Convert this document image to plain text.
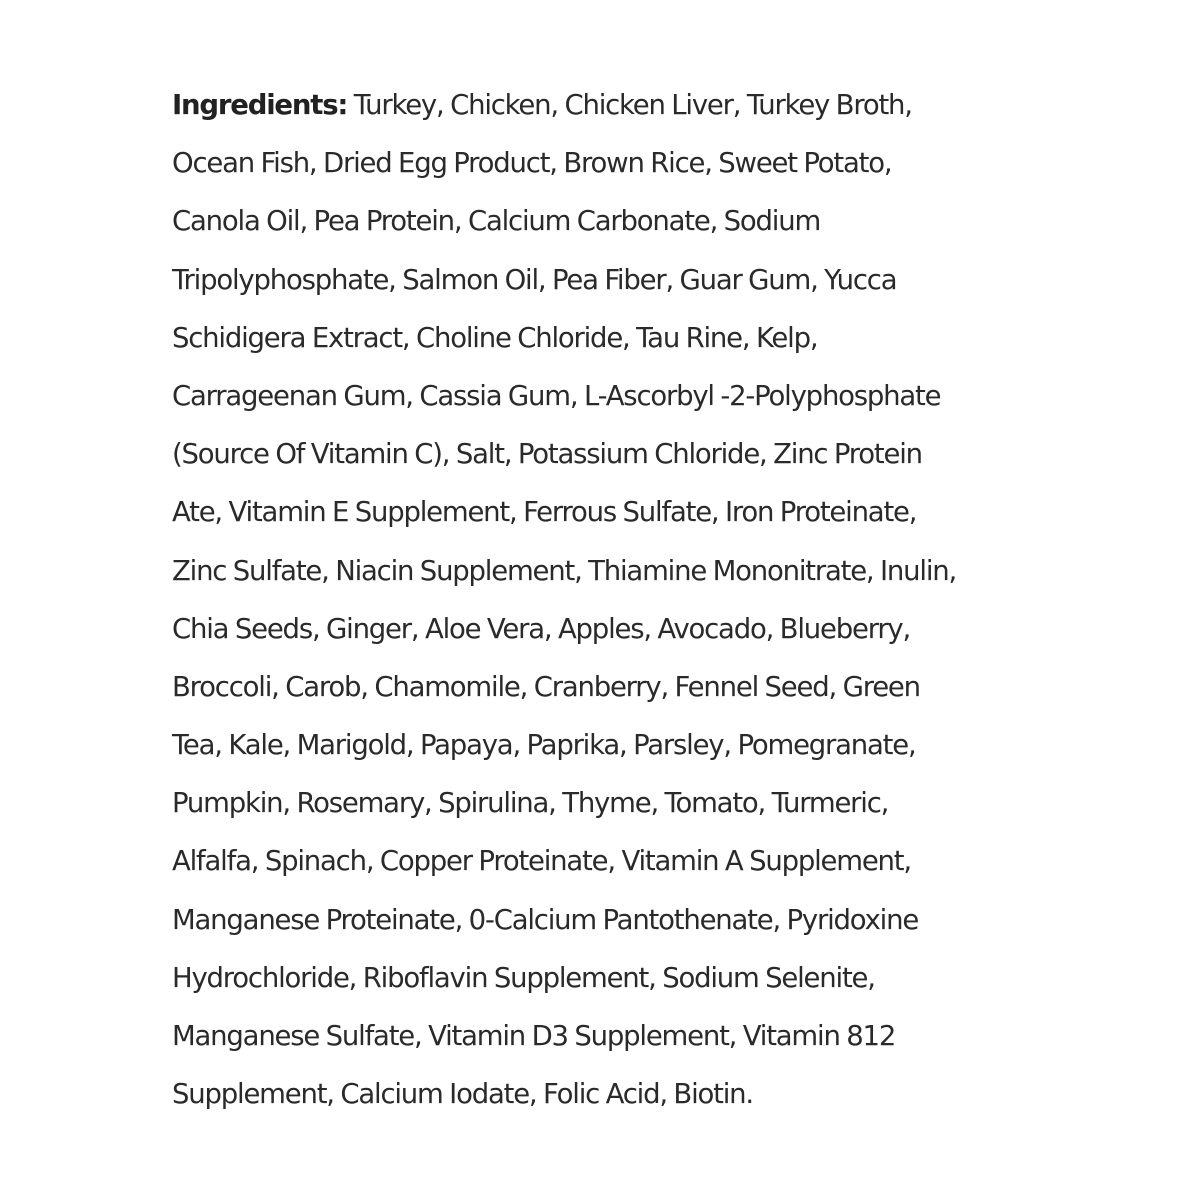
Ingredients: Turkey, Chicken, Chicken Liver, Turkey Broth,
Ocean Fish, Dried Egg Product, Brown Rice, Sweet Potato,
Canola Oil, Pea Protein, Calcium Carbonate, Sodium
Tripolyphosphate, Salmon Oil, Pea Fiber, Guar Gum, Yucca
Schidigera Extract, Choline Chloride, Tau Rine, Kelp,
Carrageenan Gum, Cassia Gum, L-Ascorbyl -2-Polyphosphate
(Source Of Vitamin C), Salt, Potassium Chloride, Zinc Protein
Ate, Vitamin E Supplement, Ferrous Sulfate, Iron Proteinate,
Zinc Sulfate, Niacin Supplement, Thiamine Mononitrate, Inulin,
Chia Seeds, Ginger, Aloe Vera, Apples, Avocado, Blueberry,
Broccoli, Carob, Chamomile, Cranberry, Fennel Seed, Green
Tea, Kale, Marigold, Papaya, Paprika, Parsley, Pomegranate,
Pumpkin, Rosemary, Spirulina, Thyme, Tomato, Turmeric,
Alfalfa, Spinach, Copper Proteinate, Vitamin A Supplement,
Manganese Proteinate, 0-Calcium Pantothenate, Pyridoxine
Hydrochloride, Riboflavin Supplement, Sodium Selenite,
Manganese Sulfate, Vitamin D3 Supplement, Vitamin 812
Supplement, Calcium Iodate, Folic Acid, Biotin.
